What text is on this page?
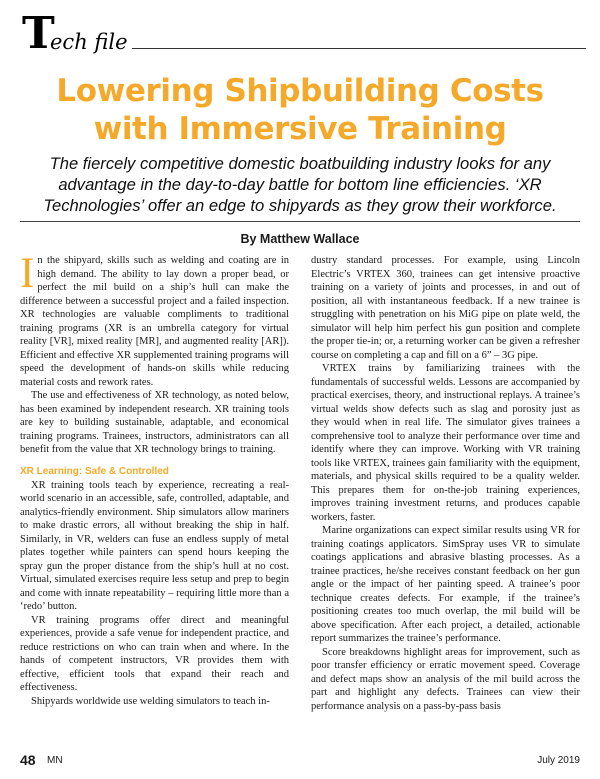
T
ech file
Lowering Shipbuilding Costs with Immersive Training

The fiercely competitive domestic boatbuilding industry looks for any advantage in the day-to-day battle for bottom line efficiencies. ‘XR Technologies’ offer an edge to shipyards as they grow their workforce.

By Matthew Wallace

In the shipyard, skills such as welding and coating are in high demand. The ability to lay down a proper bead, or perfect the mil build on a ship’s hull can make the difference between a successful project and a failed inspection. XR technologies are valuable compliments to traditional training programs (XR is an umbrella category for virtual reality [VR], mixed reality [MR], and augmented reality [AR]). Efficient and effective XR supplemented training programs will speed the development of hands-on skills while reducing material costs and rework rates.

The use and effectiveness of XR technology, as noted below, has been examined by independent research. XR training tools are key to building sustainable, adaptable, and economical training programs. Trainees, instructors, administrators can all benefit from the value that XR technology brings to training.

XR Learning: Safe & Controlled

XR training tools teach by experience, recreating a real-world scenario in an accessible, safe, controlled, adaptable, and analytics-friendly environment. Ship simulators allow mariners to make drastic errors, all without breaking the ship in half. Similarly, in VR, welders can fuse an endless supply of metal plates together while painters can spend hours keeping the spray gun the proper distance from the ship’s hull at no cost. Virtual, simulated exercises require less setup and prep to begin and come with innate repeatability – requiring little more than a ‘redo’ button.

VR training programs offer direct and meaningful experiences, provide a safe venue for independent practice, and reduce restrictions on who can train when and where. In the hands of competent instructors, VR provides them with effective, efficient tools that expand their reach and effectiveness.

Shipyards worldwide use welding simulators to teach in-

dustry standard processes. For example, using Lincoln Electric’s VRTEX 360, trainees can get intensive proactive training on a variety of joints and processes, in and out of position, all with instantaneous feedback. If a new trainee is struggling with penetration on his MiG pipe on plate weld, the simulator will help him perfect his gun position and complete the proper tie-in; or, a returning worker can be given a refresher course on completing a cap and fill on a 6” – 3G pipe.

VRTEX trains by familiarizing trainees with the fundamentals of successful welds. Lessons are accompanied by practical exercises, theory, and instructional replays. A trainee’s virtual welds show defects such as slag and porosity just as they would when in real life. The simulator gives trainees a comprehensive tool to analyze their performance over time and identify where they can improve. Working with VR training tools like VRTEX, trainees gain familiarity with the equipment, materials, and physical skills required to be a quality welder. This prepares them for on-the-job training experiences, improves training investment returns, and produces capable workers, faster.

Marine organizations can expect similar results using VR for training coatings applicators. SimSpray uses VR to simulate coatings applications and abrasive blasting processes. As a trainee practices, he/she receives constant feedback on her gun angle or the impact of her painting speed. A trainee’s poor technique creates defects. For example, if the trainee’s positioning creates too much overlap, the mil build will be above specification. After each project, a detailed, actionable report summarizes the trainee’s performance.

Score breakdowns highlight areas for improvement, such as poor transfer efficiency or erratic movement speed. Coverage and defect maps show an analysis of the mil build across the part and highlight any defects. Trainees can view their performance analysis on a pass-by-pass basis

48 MN	July 2019
